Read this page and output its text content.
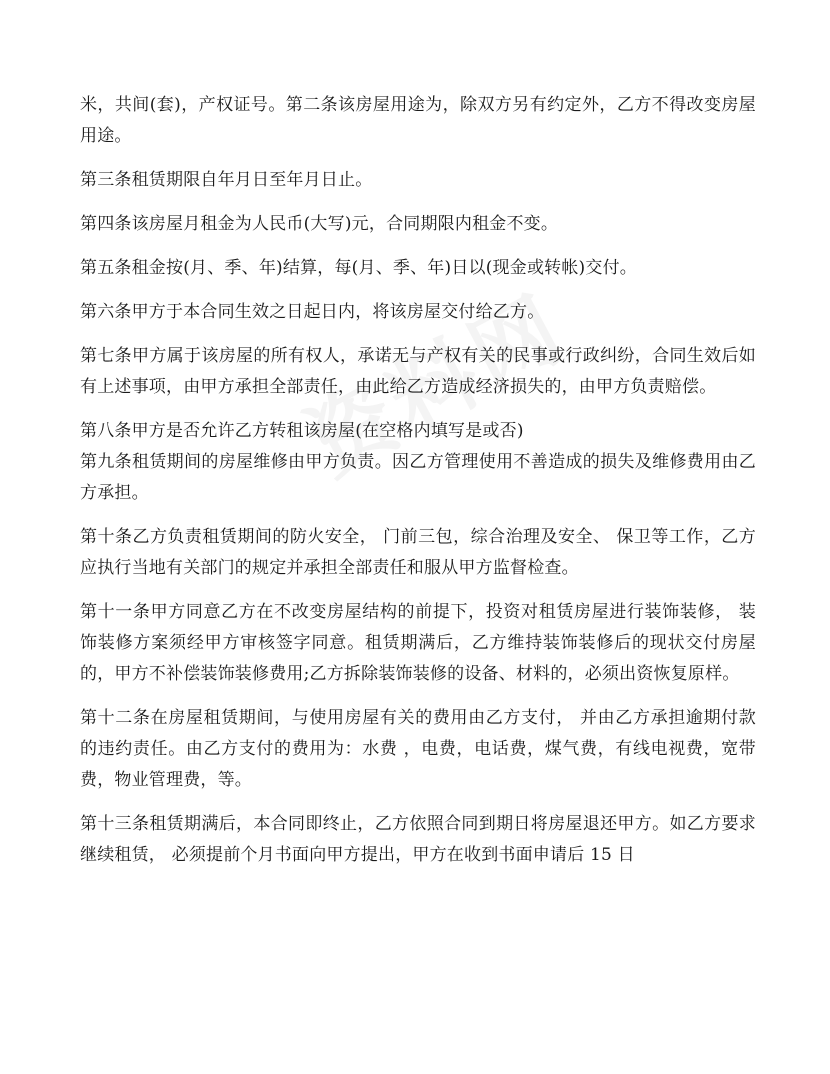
米，共间(套)，产权证号。第二条该房屋用途为，除双方另有约定外，乙方不得改变房屋用途。

第三条租赁期限自年月日至年月日止。

第四条该房屋月租金为人民币(大写)元，合同期限内租金不变。

第五条租金按(月、季、年)结算，每(月、季、年)日以(现金或转帐)交付。

第六条甲方于本合同生效之日起日内，将该房屋交付给乙方。

第七条甲方属于该房屋的所有权人，承诺无与产权有关的民事或行政纠纷，合同生效后如有上述事项，由甲方承担全部责任，由此给乙方造成经济损失的，由甲方负责赔偿。

第八条甲方是否允许乙方转租该房屋(在空格内填写是或否)

第九条租赁期间的房屋维修由甲方负责。因乙方管理使用不善造成的损失及维修费用由乙方承担。

第十条乙方负责租赁期间的防火安全， 门前三包，综合治理及安全、 保卫等工作，乙方应执行当地有关部门的规定并承担全部责任和服从甲方监督检查。

第十一条甲方同意乙方在不改变房屋结构的前提下，投资对租赁房屋进行装饰装修， 装饰装修方案须经甲方审核签字同意。租赁期满后，乙方维持装饰装修后的现状交付房屋的，甲方不补偿装饰装修费用;乙方拆除装饰装修的设备、材料的，必须出资恢复原样。

第十二条在房屋租赁期间，与使用房屋有关的费用由乙方支付， 并由乙方承担逾期付款的违约责任。由乙方支付的费用为：水费 ，电费，电话费，煤气费，有线电视费，宽带费，物业管理费，等。

第十三条租赁期满后，本合同即终止，乙方依照合同到期日将房屋退还甲方。如乙方要求继续租赁， 必须提前个月书面向甲方提出，甲方在收到书面申请后 15 日
